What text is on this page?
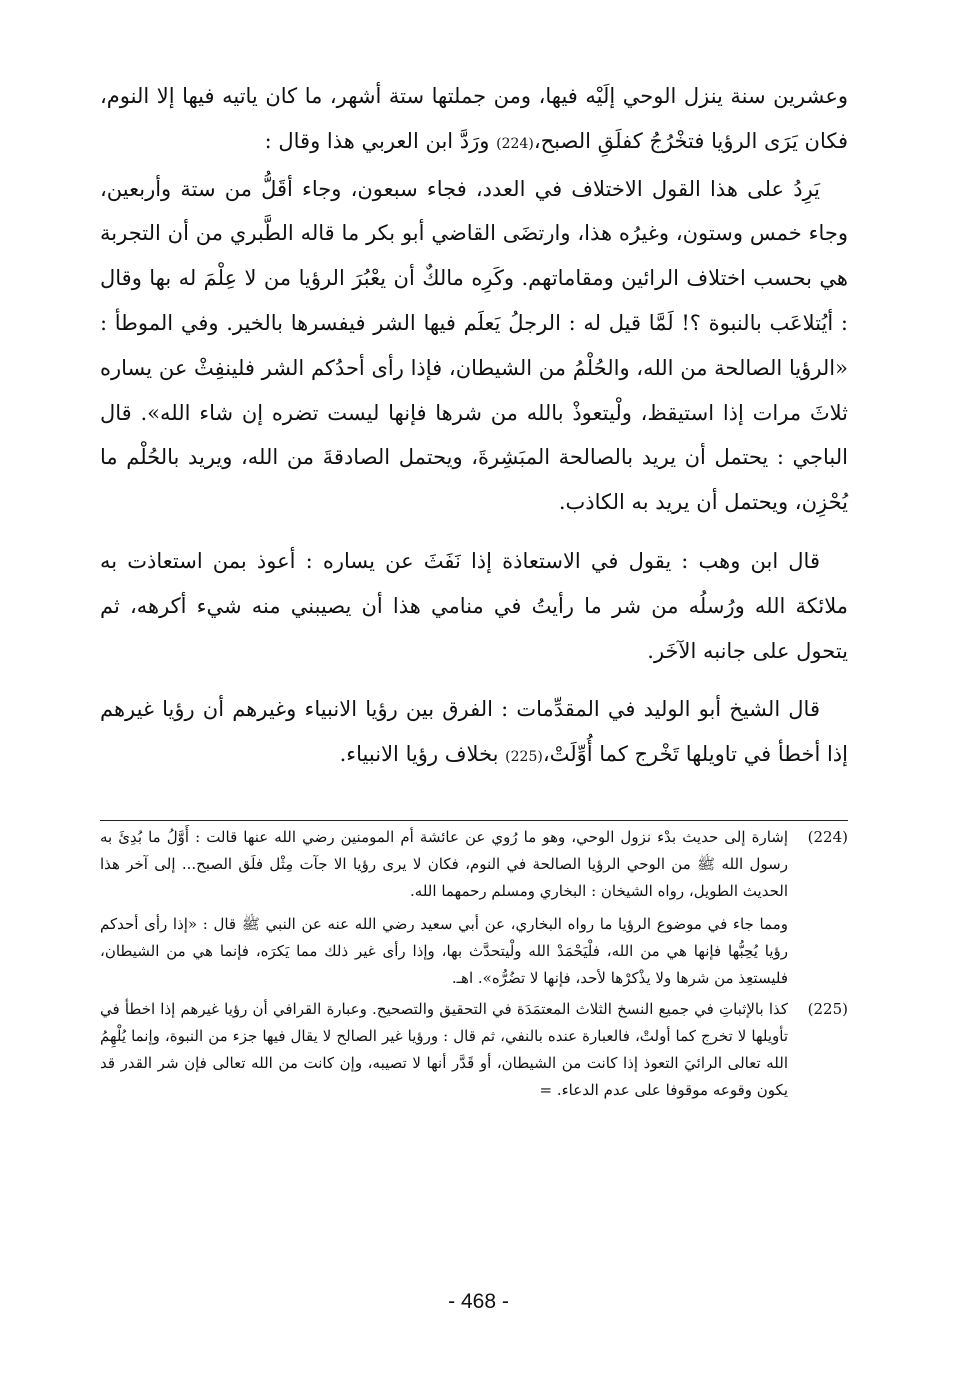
وعشرين سنة ينزل الوحي إلَيْه فيها، ومن جملتها ستة أشهر، ما كان ياتيه فيها إلا النوم، فكان يَرَى الرؤيا فتخْرُجُ كفلَقِ الصبح،(224) ورَدَّ ابن العربي هذا وقال :

يَرِدُ على هذا القول الاختلاف في العدد، فجاء سبعون، وجاء أقَلُّ من ستة وأربعين، وجاء خمس وستون، وغيرُه هذا، وارتضَى القاضي أبو بكر ما قاله الطَّبري من أن التجربة هي بحسب اختلاف الرائين ومقاماتهم. وكَرِه مالكٌ أن يعْبُرَ الرؤيا من لا عِلْمَ له بها وقال : أيُتلاعَب بالنبوة ؟! لَمَّا قيل له : الرجلُ يَعلَم فيها الشر فيفسرها بالخير. وفي الموطأ : «الرؤيا الصالحة من الله، والحُلْمُ من الشيطان، فإذا رأى أحدُكم الشر فلينفِثْ عن يساره ثلاثَ مرات إذا استيقظ، ولْيتعوذْ بالله من شرها فإنها ليست تضره إن شاء الله». قال الباجي : يحتمل أن يريد بالصالحة المبَشِرةَ، ويحتمل الصادقةَ من الله، ويريد بالحُلْم ما يُحْزِن، ويحتمل أن يريد به الكاذب.

قال ابن وهب : يقول في الاستعاذة إذا نَفَثَ عن يساره : أعوذ بمن استعاذت به ملائكة الله ورُسلُه من شر ما رأيتُ في منامي هذا أن يصيبني منه شيء أكرهه، ثم يتحول على جانبه الآخَر.

قال الشيخ أبو الوليد في المقدِّمات : الفرق بين رؤيا الانبياء وغيرهم أن رؤيا غيرهم إذا أخطأ في تاويلها تَخْرج كما أُوِّلَتْ،(225) بخلاف رؤيا الانبياء.

(224)

إشارة إلى حديث بدْء نزول الوحي، وهو ما رُوي عن عائشة أم المومنين رضي الله عنها قالت : أَوَّلُ ما بُدِئَ به رسول الله ﷺ من الوحي الرؤيا الصالحة في النوم، فكان لا يرى رؤيا الا جآت مِثْل فلَق الصبح... إلى آخر هذا الحديث الطويل، رواه الشيخان : البخاري ومسلم رحمهما الله.

ومما جاء في موضوع الرؤيا ما رواه البخاري، عن أبي سعيد رضي الله عنه عن النبي ﷺ قال : «إذا رأى أحدكم رؤيا يُحِبُّها فإنها هي من الله، فلْيَحْمَدْ الله ولْيتحدَّث بها، وإذا رأى غير ذلك مما يَكرَه، فإنما هي من الشيطان، فليستعِذ من شرها ولا يذْكرْها لأحد، فإنها لا تضُرُّه». اهـ.

(225)

كذا بالإثباتِ في جميع النسخ الثلاث المعتمَدَة في التحقيق والتصحيح. وعبارة القرافي أن رؤيا غيرهم إذا اخطأ في تأويلها لا تخرج كما أولتْ، فالعبارة عنده بالنفي، ثم قال : ورؤيا غير الصالح لا يقال فيها جزء من النبوة، وإنما يُلْهِمُ الله تعالى الرائيَ التعوذ إذا كانت من الشيطان، أو قَدَّر أنها لا تصيبه، وإن كانت من الله تعالى فإن شر القدر قد يكون وقوعه موقوفا على عدم الدعاء. =

- 468 -
